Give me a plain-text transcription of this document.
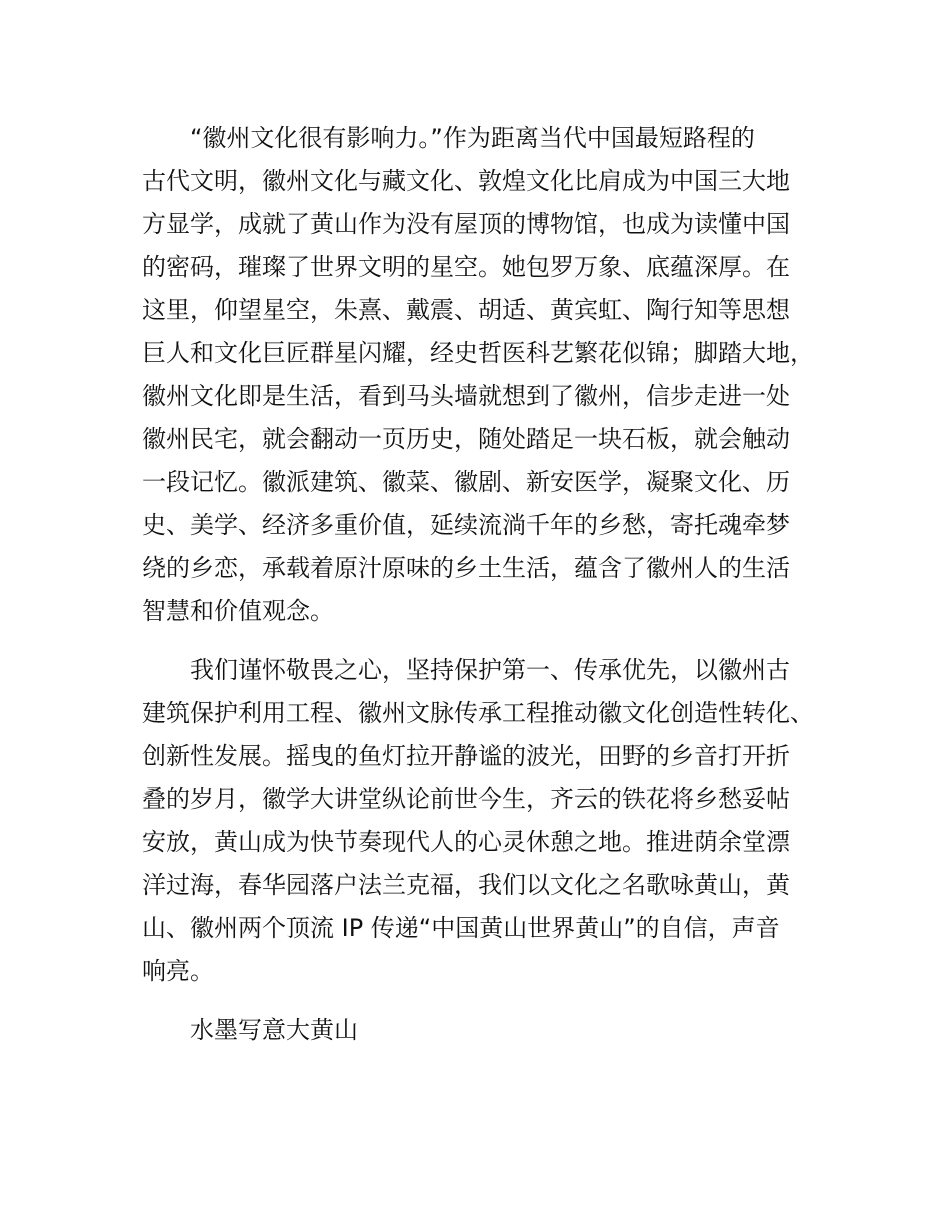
“徽州文化很有影响力。”作为距离当代中国最短路程的
古代文明，徽州文化与藏文化、敦煌文化比肩成为中国三大地
方显学，成就了黄山作为没有屋顶的博物馆，也成为读懂中国
的密码，璀璨了世界文明的星空。她包罗万象、底蕴深厚。在
这里，仰望星空，朱熹、戴震、胡适、黄宾虹、陶行知等思想
巨人和文化巨匠群星闪耀，经史哲医科艺繁花似锦；脚踏大地，
徽州文化即是生活，看到马头墙就想到了徽州，信步走进一处
徽州民宅，就会翻动一页历史，随处踏足一块石板，就会触动
一段记忆。徽派建筑、徽菜、徽剧、新安医学，凝聚文化、历
史、美学、经济多重价值，延续流淌千年的乡愁，寄托魂牵梦
绕的乡恋，承载着原汁原味的乡土生活，蕴含了徽州人的生活
智慧和价值观念。
我们谨怀敬畏之心，坚持保护第一、传承优先，以徽州古
建筑保护利用工程、徽州文脉传承工程推动徽文化创造性转化、
创新性发展。摇曳的鱼灯拉开静谧的波光，田野的乡音打开折
叠的岁月，徽学大讲堂纵论前世今生，齐云的铁花将乡愁妥帖
安放，黄山成为快节奏现代人的心灵休憩之地。推进荫余堂漂
洋过海，春华园落户法兰克福，我们以文化之名歌咏黄山，黄
山、徽州两个顶流 IP 传递“中国黄山世界黄山”的自信，声音
响亮。
水墨写意大黄山
